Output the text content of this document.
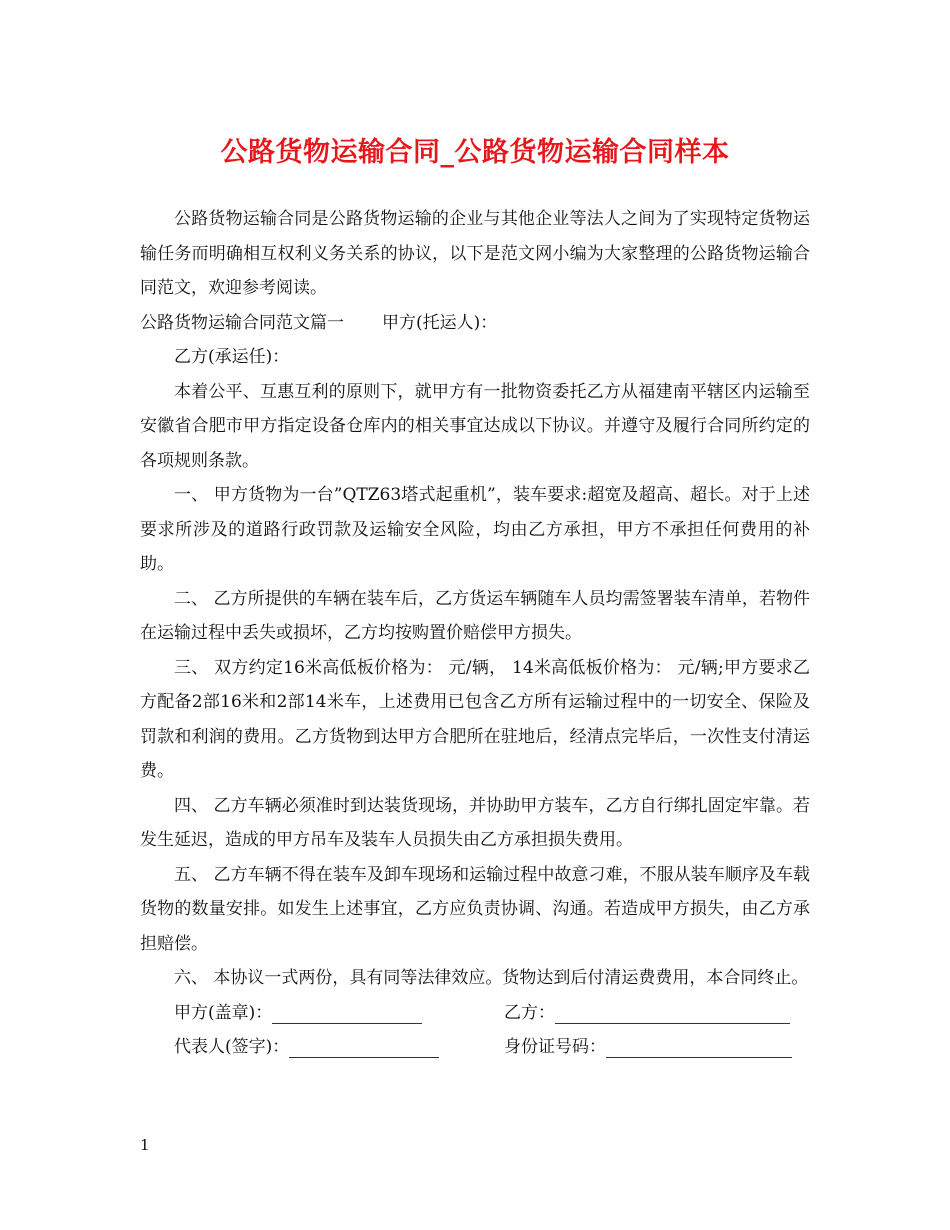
公路货物运输合同_公路货物运输合同样本

公路货物运输合同是公路货物运输的企业与其他企业等法人之间为了实现特定货物运输任务而明确相互权利义务关系的协议，以下是范文网小编为大家整理的公路货物运输合同范文，欢迎参考阅读。

公路货物运输合同范文篇一 甲方(托运人)：

乙方(承运任)：

本着公平、互惠互利的原则下，就甲方有一批物资委托乙方从福建南平辖区内运输至安徽省合肥市甲方指定设备仓库内的相关事宜达成以下协议。并遵守及履行合同所约定的各项规则条款。

一、 甲方货物为一台”QTZ63塔式起重机”，装车要求:超宽及超高、超长。对于上述要求所涉及的道路行政罚款及运输安全风险，均由乙方承担，甲方不承担任何费用的补助。

二、 乙方所提供的车辆在装车后，乙方货运车辆随车人员均需签署装车清单，若物件在运输过程中丢失或损坏，乙方均按购置价赔偿甲方损失。

三、 双方约定16米高低板价格为： 元/辆， 14米高低板价格为： 元/辆;甲方要求乙方配备2部16米和2部14米车，上述费用已包含乙方所有运输过程中的一切安全、保险及罚款和利润的费用。乙方货物到达甲方合肥所在驻地后，经清点完毕后，一次性支付清运费。

四、 乙方车辆必须准时到达装货现场，并协助甲方装车，乙方自行绑扎固定牢靠。若发生延迟，造成的甲方吊车及装车人员损失由乙方承担损失费用。

五、 乙方车辆不得在装车及卸车现场和运输过程中故意刁难，不服从装车顺序及车载货物的数量安排。如发生上述事宜，乙方应负责协调、沟通。若造成甲方损失，由乙方承担赔偿。

六、 本协议一式两份，具有同等法律效应。货物达到后付清运费费用，本合同终止。

甲方(盖章)：	乙方：
代表人(签字)：	身份证号码：
1
